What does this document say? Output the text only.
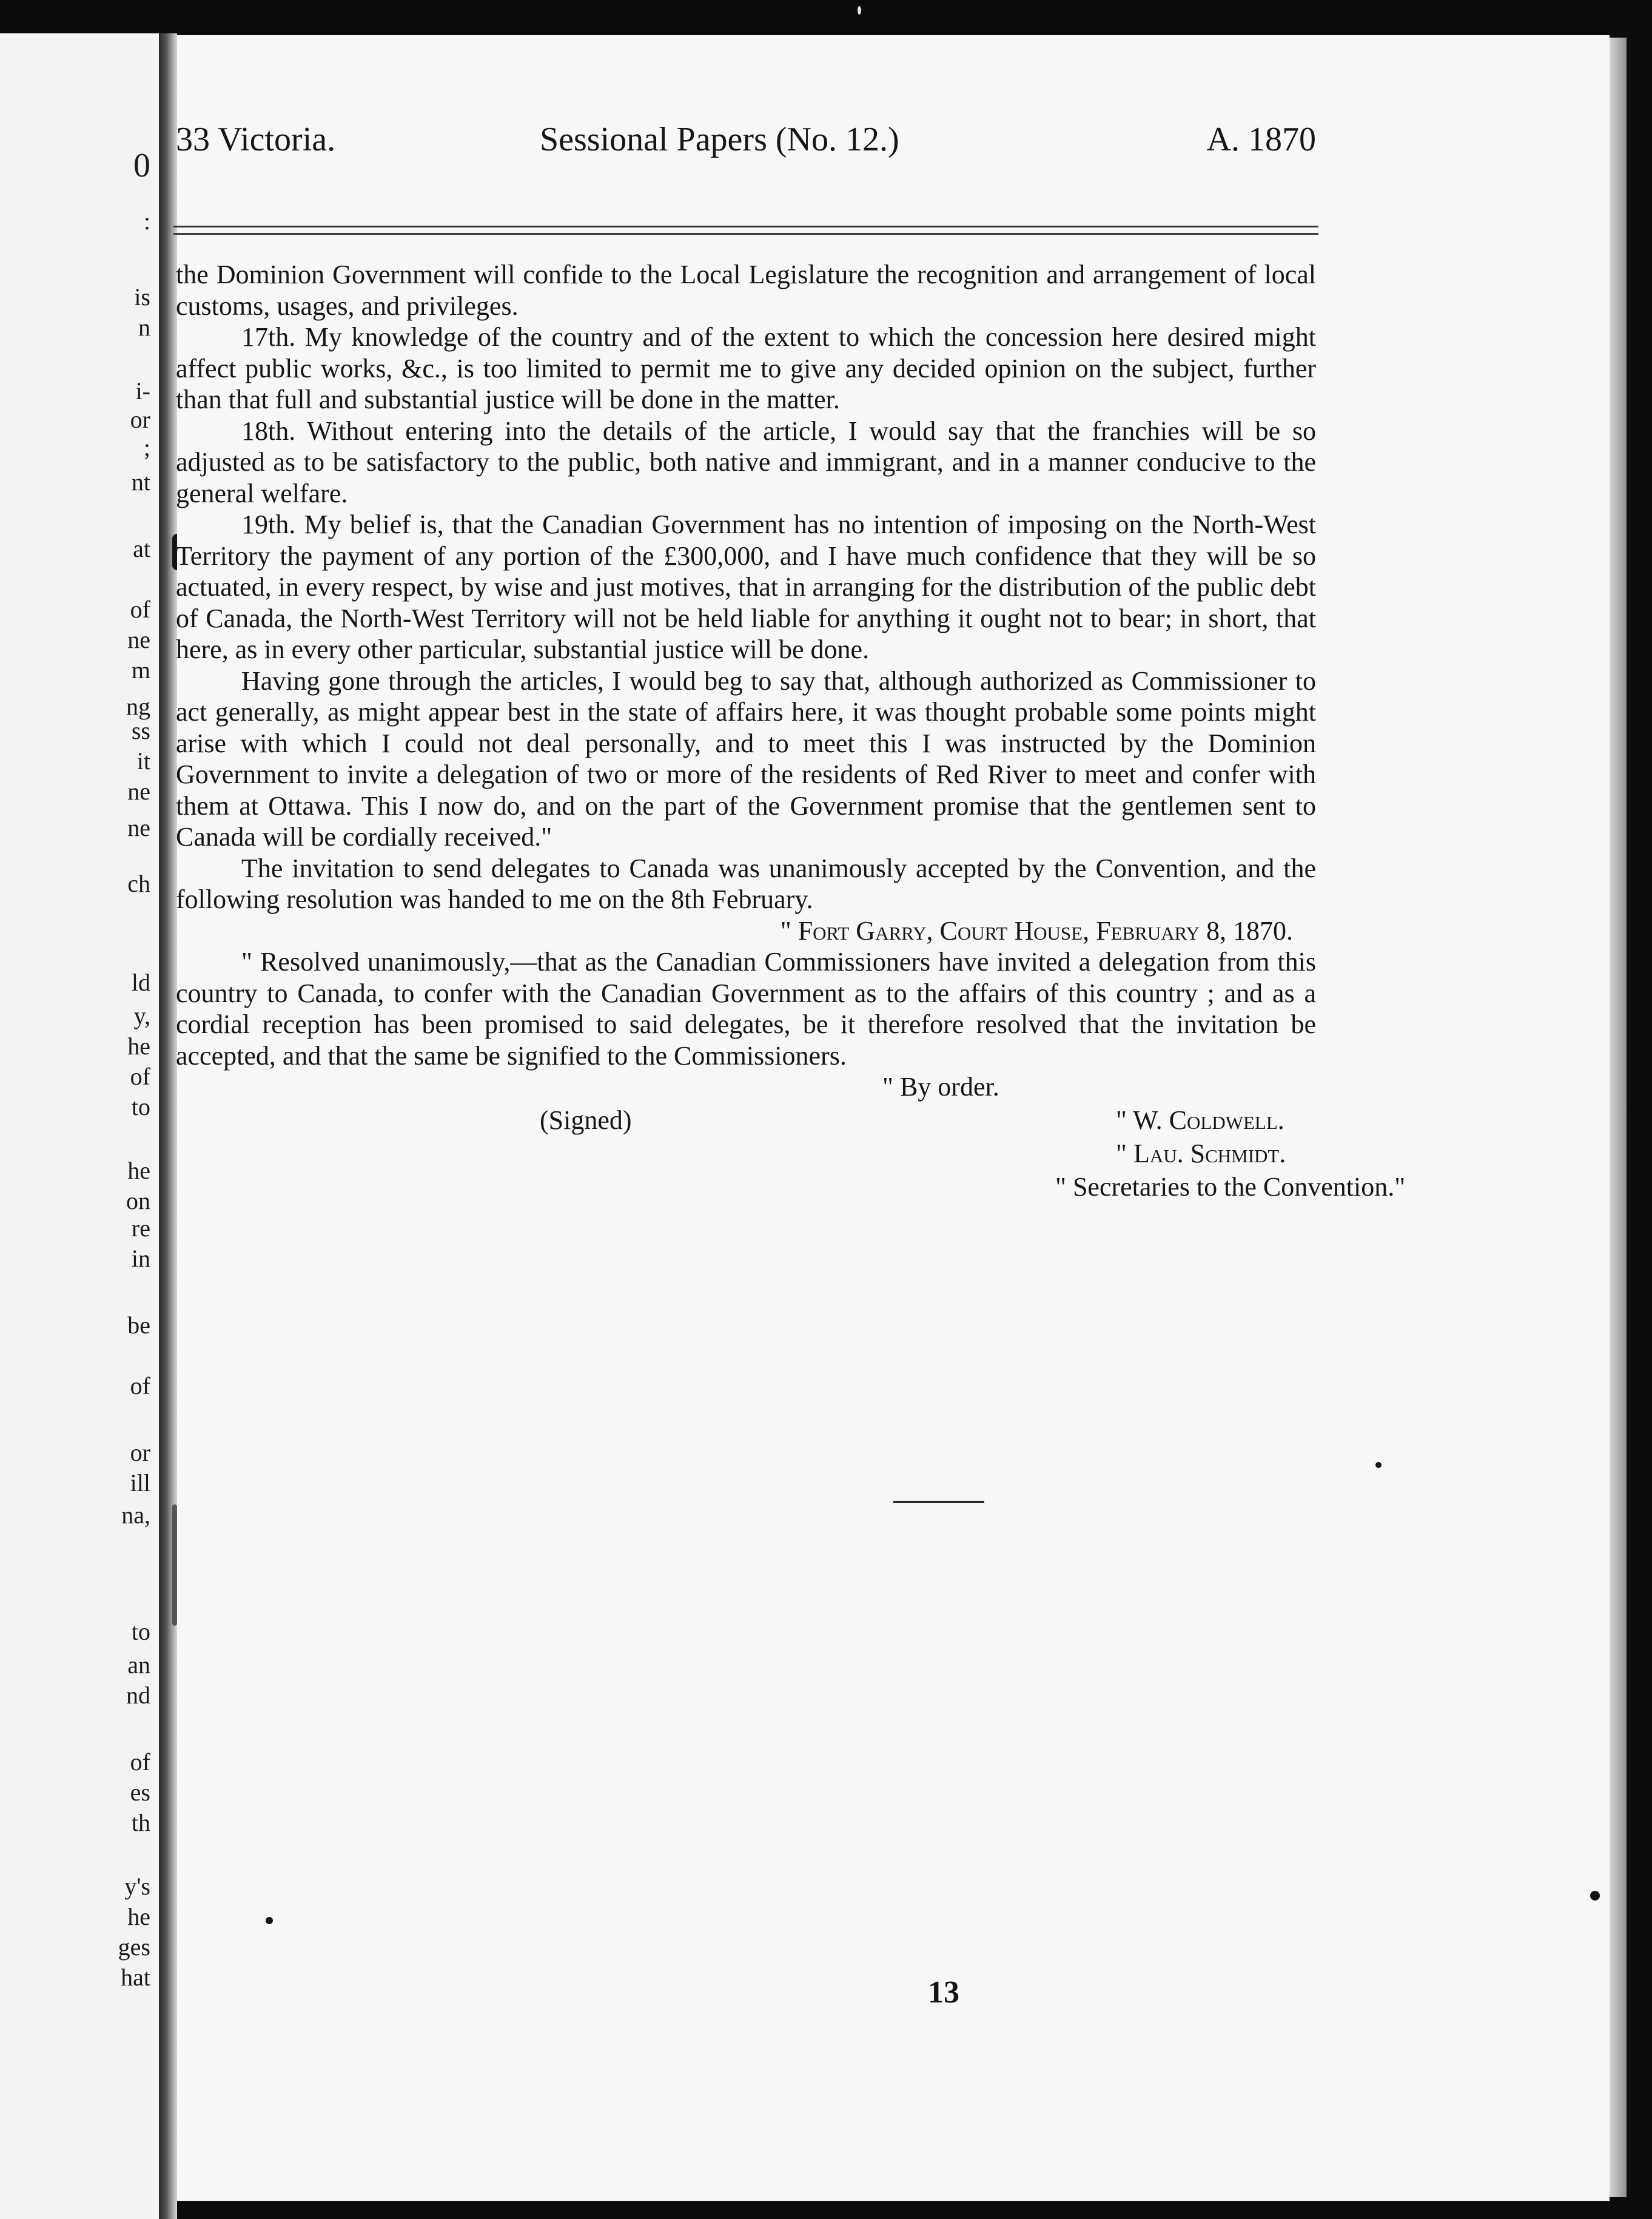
0
:
is
n
i-
or
;
nt
at
of
ne
m
ng
ss
it
ne
ne
ch
ld
y,
he
of
to
he
on
re
in
be
of
or
ill
na,
to
an
nd
of
es
th
y's
he
ges
hat
33 Victoria.	Sessional Papers (No. 12.)	A. 1870

the Dominion Government will confide to the Local Legislature the recognition and arrangement of local customs, usages, and privileges.

17th. My knowledge of the country and of the extent to which the concession here desired might affect public works, &c., is too limited to permit me to give any decided opinion on the subject, further than that full and substantial justice will be done in the matter.

18th. Without entering into the details of the article, I would say that the franchies will be so adjusted as to be satisfactory to the public, both native and immigrant, and in a manner conducive to the general welfare.

19th. My belief is, that the Canadian Government has no intention of imposing on the North-West Territory the payment of any portion of the £300,000, and I have much confidence that they will be so actuated, in every respect, by wise and just motives, that in arranging for the distribution of the public debt of Canada, the North-West Territory will not be held liable for anything it ought not to bear; in short, that here, as in every other particular, substantial justice will be done.

Having gone through the articles, I would beg to say that, although authorized as Commissioner to act generally, as might appear best in the state of affairs here, it was thought probable some points might arise with which I could not deal personally, and to meet this I was instructed by the Dominion Government to invite a delegation of two or more of the residents of Red River to meet and confer with them at Ottawa. This I now do, and on the part of the Government promise that the gentlemen sent to Canada will be cordially received."

The invitation to send delegates to Canada was unanimously accepted by the Convention, and the following resolution was handed to me on the 8th February.

" Fort Garry, Court House, February 8, 1870.

" Resolved unanimously,—that as the Canadian Commissioners have invited a delegation from this country to Canada, to confer with the Canadian Government as to the affairs of this country ; and as a cordial reception has been promised to said delegates, be it therefore resolved that the invitation be accepted, and that the same be signified to the Commissioners.

" By order.
(Signed)	" W. Coldwell.
" Lau. Schmidt.
" Secretaries to the Convention."
13
